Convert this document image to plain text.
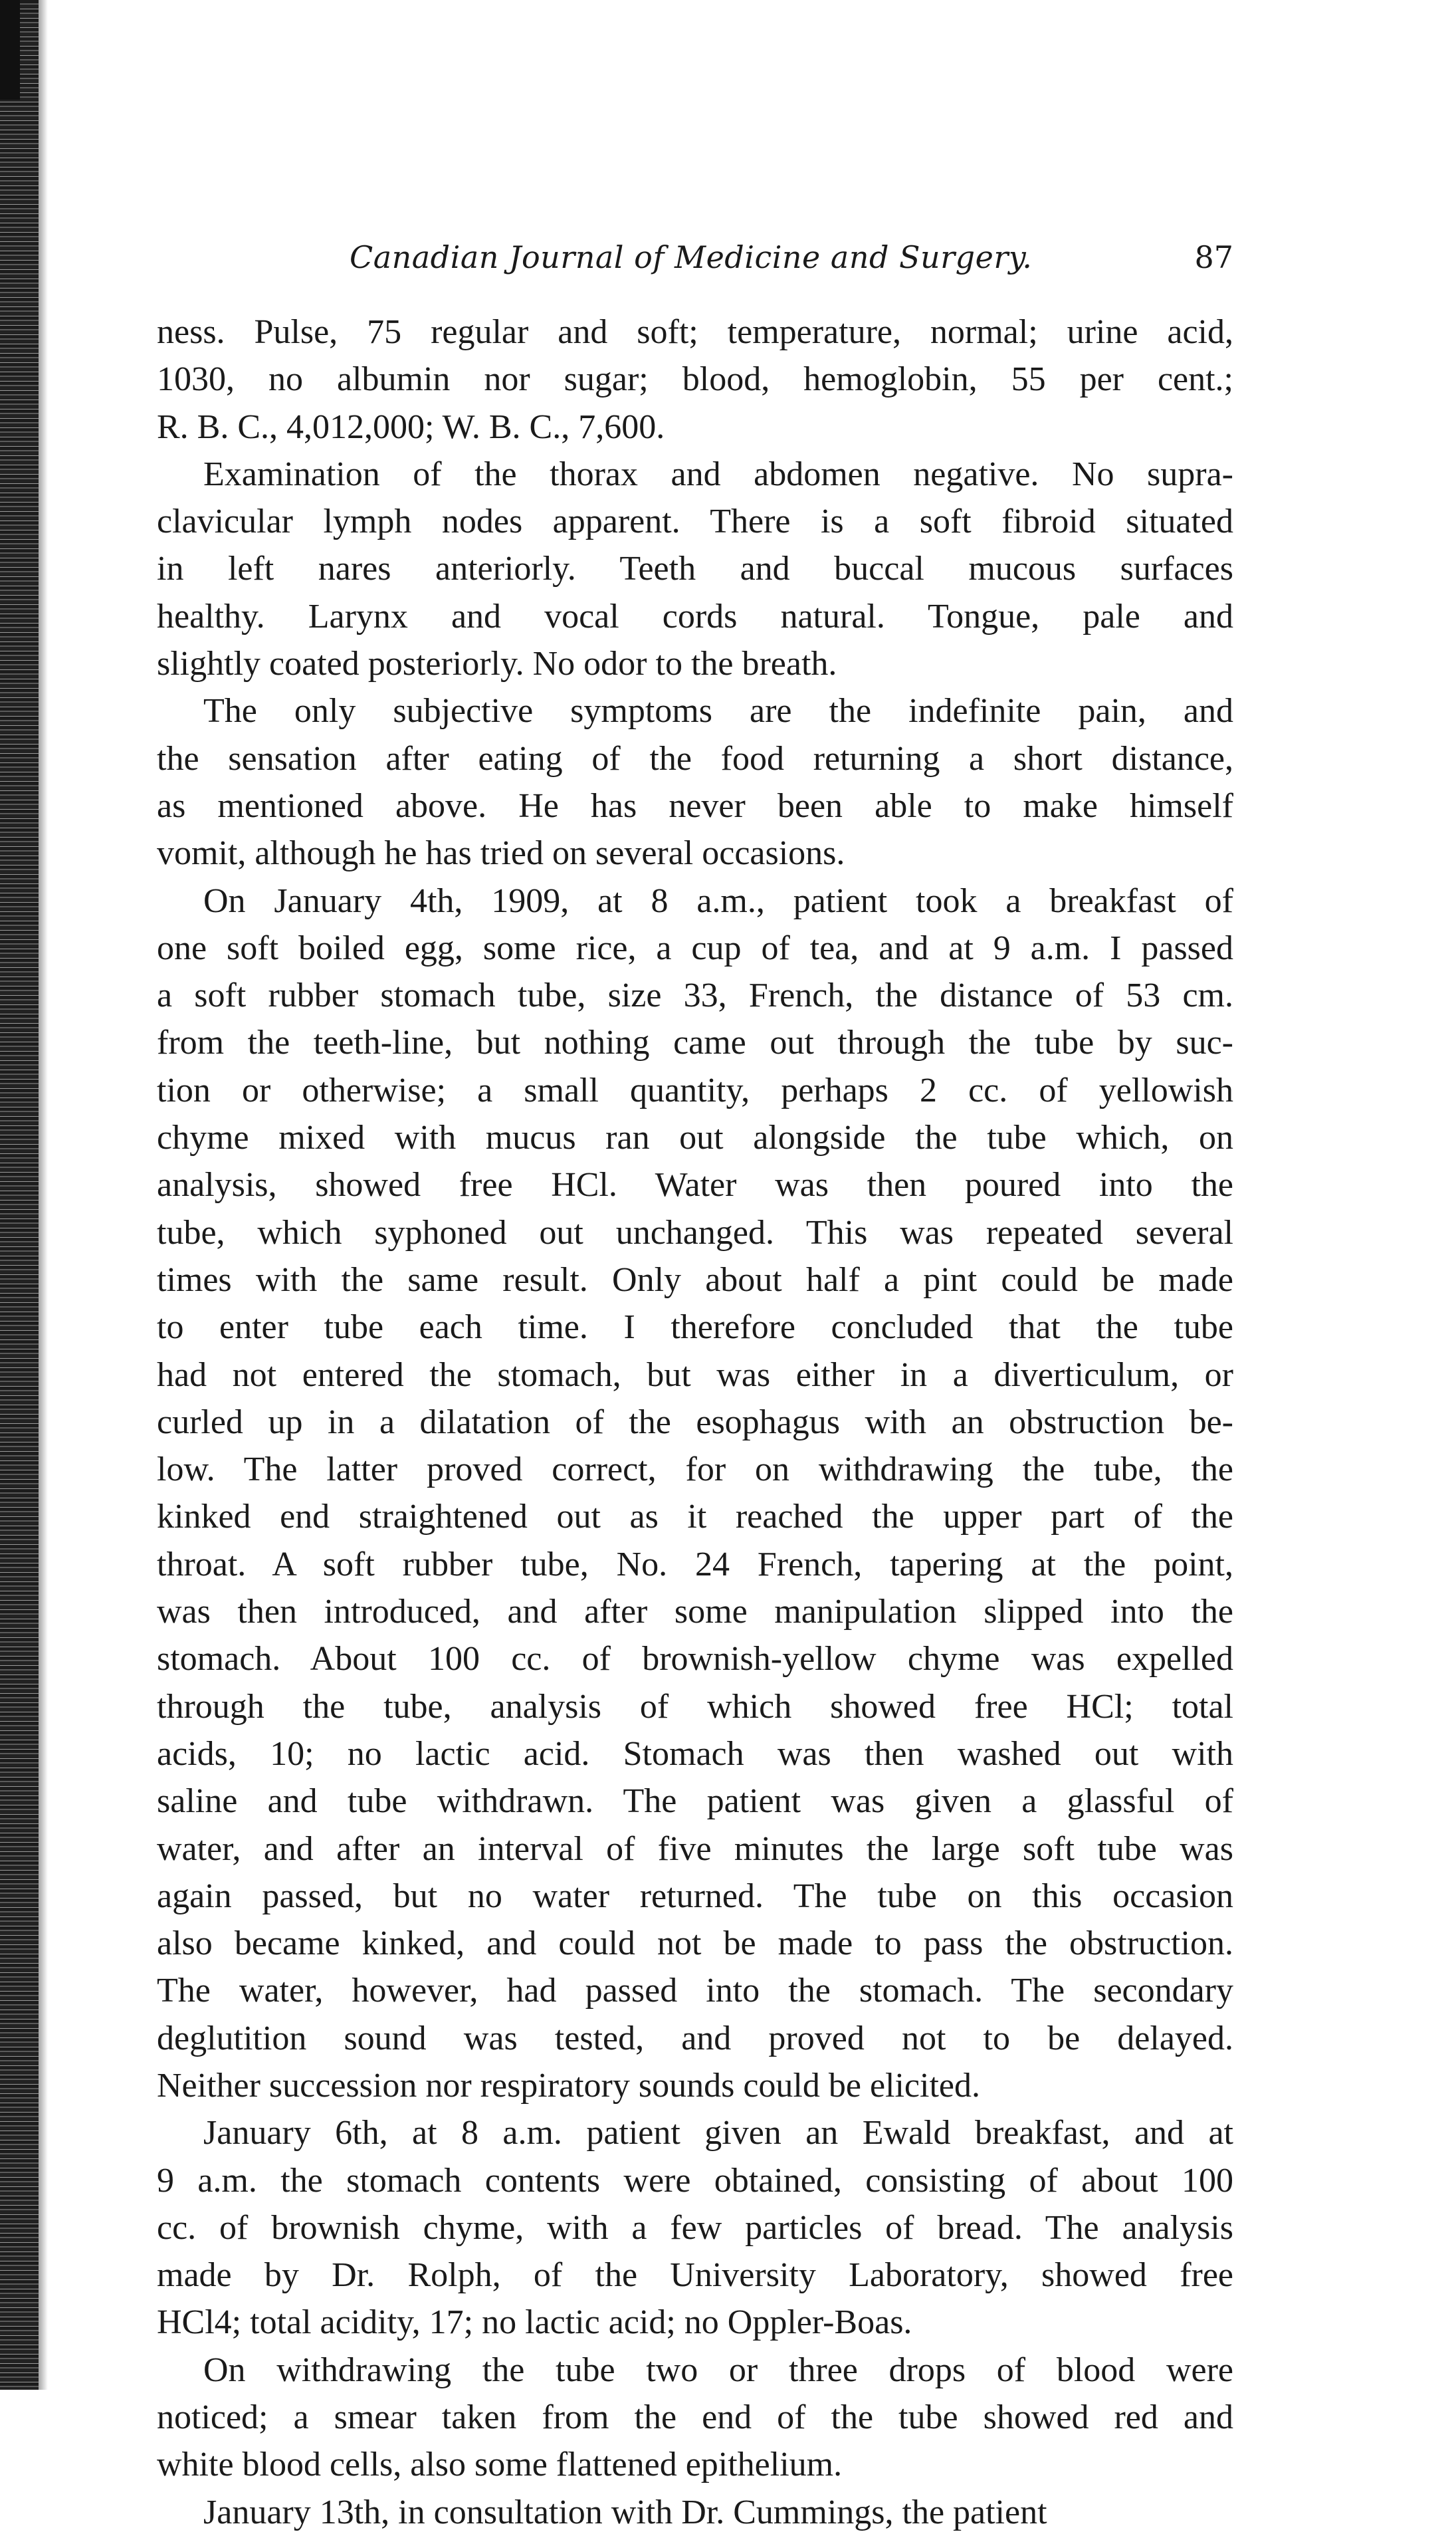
Canadian Journal of Medicine and Surgery.	87
ness. Pulse, 75 regular and soft; temperature, normal; urine acid,
1030, no albumin nor sugar; blood, hemoglobin, 55 per cent.;
R. B. C., 4,012,000; W. B. C., 7,600.
Examination of the thorax and abdomen negative. No supra-
clavicular lymph nodes apparent. There is a soft fibroid situated
in left nares anteriorly. Teeth and buccal mucous surfaces
healthy. Larynx and vocal cords natural. Tongue, pale and
slightly coated posteriorly. No odor to the breath.
The only subjective symptoms are the indefinite pain, and
the sensation after eating of the food returning a short distance,
as mentioned above. He has never been able to make himself
vomit, although he has tried on several occasions.
On January 4th, 1909, at 8 a.m., patient took a breakfast of
one soft boiled egg, some rice, a cup of tea, and at 9 a.m. I passed
a soft rubber stomach tube, size 33, French, the distance of 53 cm.
from the teeth-line, but nothing came out through the tube by suc-
tion or otherwise; a small quantity, perhaps 2 cc. of yellowish
chyme mixed with mucus ran out alongside the tube which, on
analysis, showed free HCl. Water was then poured into the
tube, which syphoned out unchanged. This was repeated several
times with the same result. Only about half a pint could be made
to enter tube each time. I therefore concluded that the tube
had not entered the stomach, but was either in a diverticulum, or
curled up in a dilatation of the esophagus with an obstruction be-
low. The latter proved correct, for on withdrawing the tube, the
kinked end straightened out as it reached the upper part of the
throat. A soft rubber tube, No. 24 French, tapering at the point,
was then introduced, and after some manipulation slipped into the
stomach. About 100 cc. of brownish-yellow chyme was expelled
through the tube, analysis of which showed free HCl; total
acids, 10; no lactic acid. Stomach was then washed out with
saline and tube withdrawn. The patient was given a glassful of
water, and after an interval of five minutes the large soft tube was
again passed, but no water returned. The tube on this occasion
also became kinked, and could not be made to pass the obstruction.
The water, however, had passed into the stomach. The secondary
deglutition sound was tested, and proved not to be delayed.
Neither succession nor respiratory sounds could be elicited.
January 6th, at 8 a.m. patient given an Ewald breakfast, and at
9 a.m. the stomach contents were obtained, consisting of about 100
cc. of brownish chyme, with a few particles of bread. The analysis
made by Dr. Rolph, of the University Laboratory, showed free
HCl4; total acidity, 17; no lactic acid; no Oppler-Boas.
On withdrawing the tube two or three drops of blood were
noticed; a smear taken from the end of the tube showed red and
white blood cells, also some flattened epithelium.
January 13th, in consultation with Dr. Cummings, the patient
